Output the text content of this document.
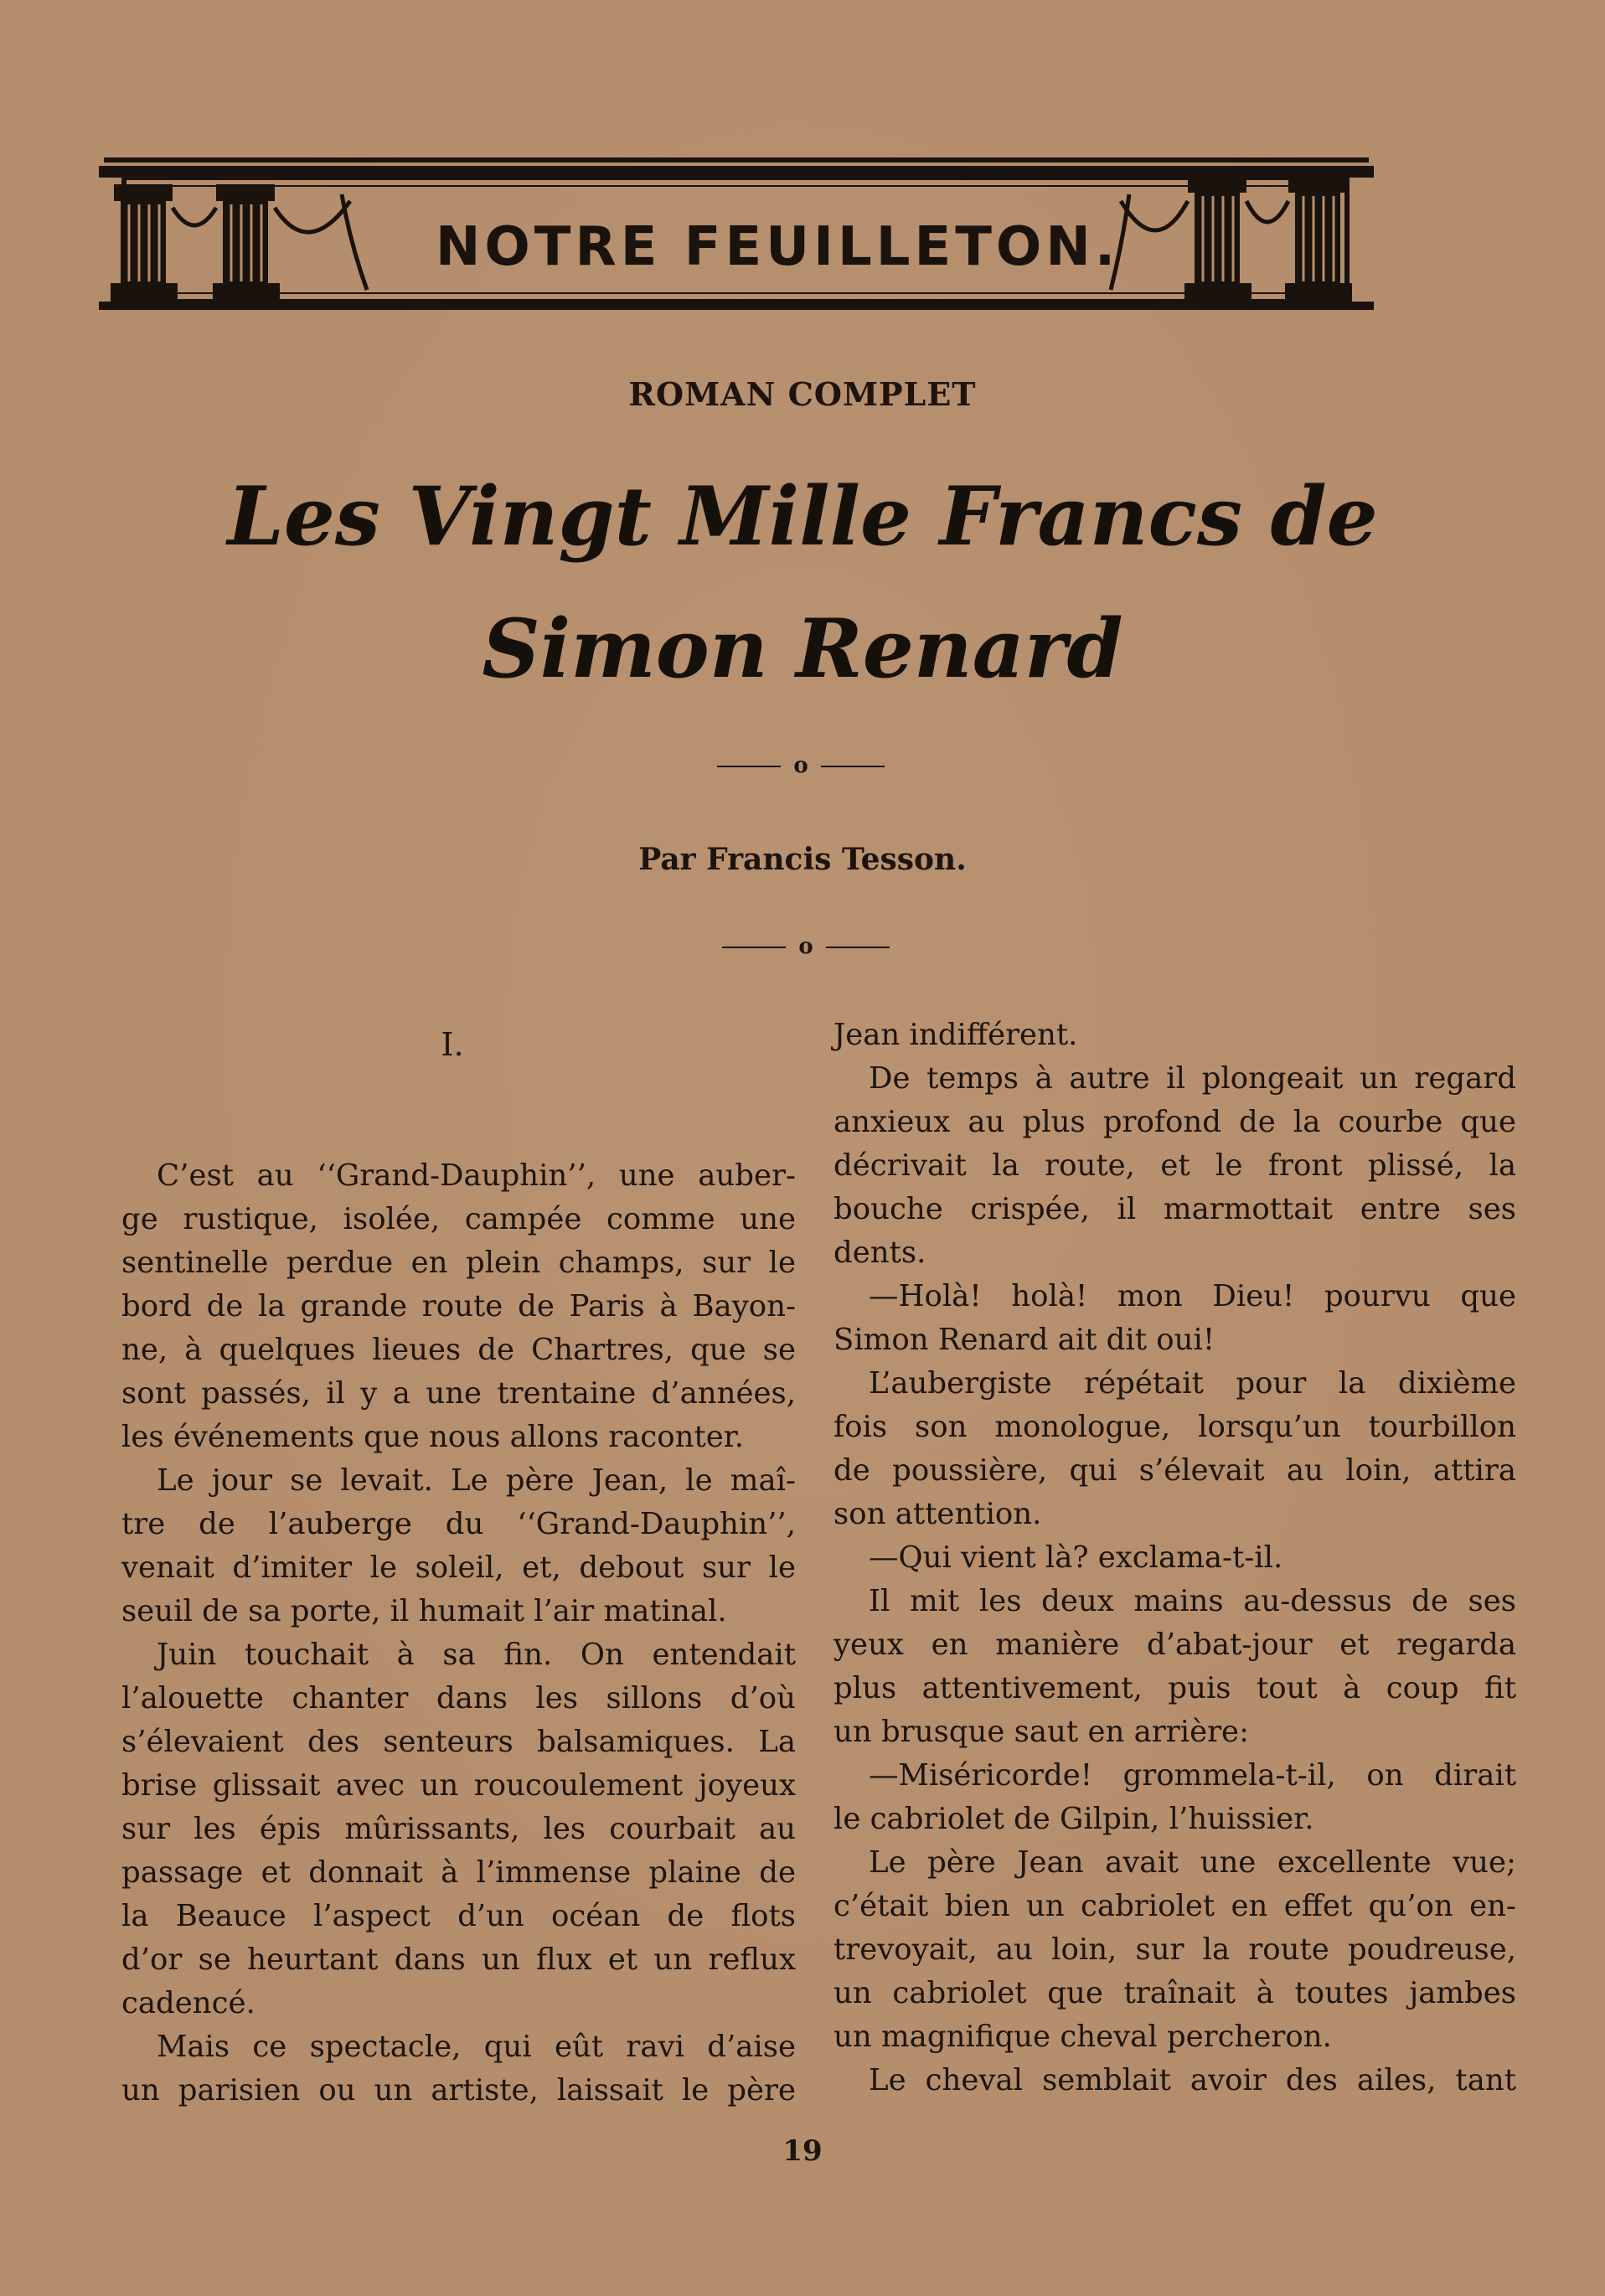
NOTRE FEUILLETON.
ROMAN COMPLET
Les Vingt Mille Francs de
Simon Renard
o
Par Francis Tesson.
o
I.
C’est au ‘‘Grand-Dauphin’’, une auber-
ge rustique, isolée, campée comme une
sentinelle perdue en plein champs, sur le
bord de la grande route de Paris à Bayon-
ne, à quelques lieues de Chartres, que se
sont passés, il y a une trentaine d’années,
les événements que nous allons raconter.
Le jour se levait. Le père Jean, le maî-
tre de l’auberge du ‘‘Grand-Dauphin’’,
venait d’imiter le soleil, et, debout sur le
seuil de sa porte, il humait l’air matinal.
Juin touchait à sa fin. On entendait
l’alouette chanter dans les sillons d’où
s’élevaient des senteurs balsamiques. La
brise glissait avec un roucoulement joyeux
sur les épis mûrissants, les courbait au
passage et donnait à l’immense plaine de
la Beauce l’aspect d’un océan de flots
d’or se heurtant dans un flux et un reflux
cadencé.
Mais ce spectacle, qui eût ravi d’aise
un parisien ou un artiste, laissait le père
Jean indifférent.
De temps à autre il plongeait un regard
anxieux au plus profond de la courbe que
décrivait la route, et le front plissé, la
bouche crispée, il marmottait entre ses
dents.
—Holà! holà! mon Dieu! pourvu que
Simon Renard ait dit oui!
L’aubergiste répétait pour la dixième
fois son monologue, lorsqu’un tourbillon
de poussière, qui s’élevait au loin, attira
son attention.
—Qui vient là? exclama-t-il.
Il mit les deux mains au-dessus de ses
yeux en manière d’abat-jour et regarda
plus attentivement, puis tout à coup fit
un brusque saut en arrière:
—Miséricorde! grommela-t-il, on dirait
le cabriolet de Gilpin, l’huissier.
Le père Jean avait une excellente vue;
c’était bien un cabriolet en effet qu’on en-
trevoyait, au loin, sur la route poudreuse,
un cabriolet que traînait à toutes jambes
un magnifique cheval percheron.
Le cheval semblait avoir des ailes, tant
19
